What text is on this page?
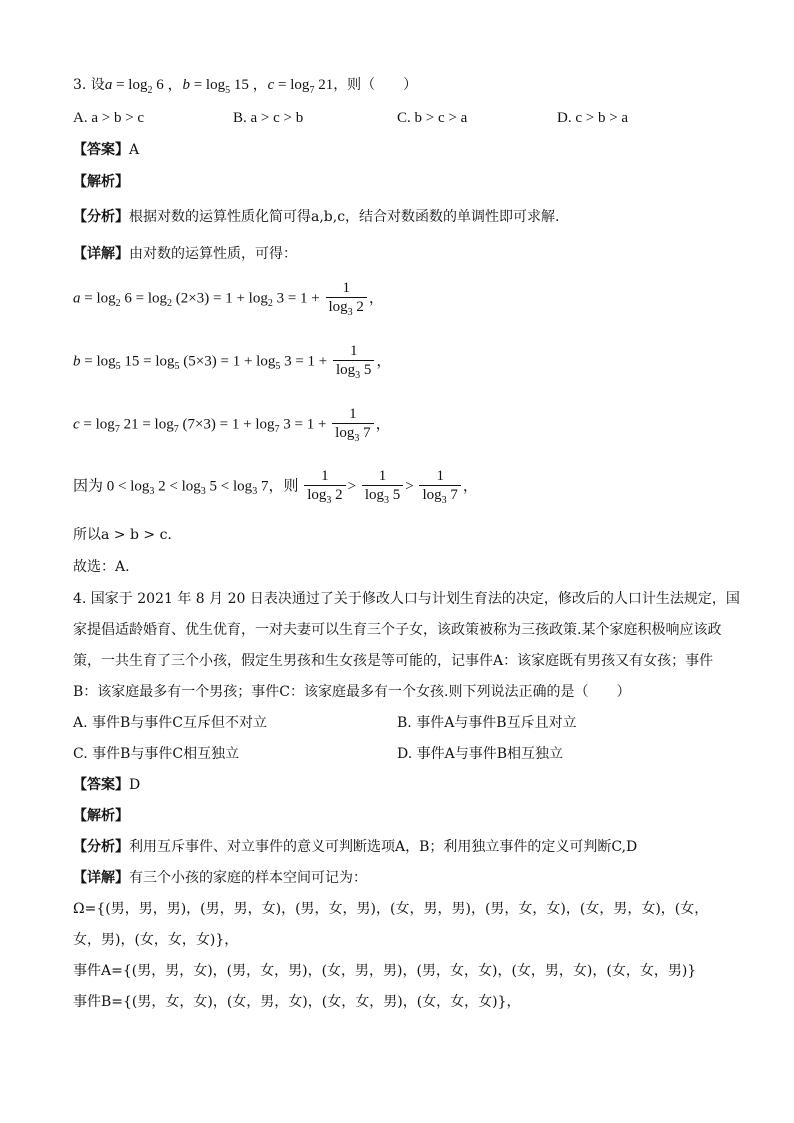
3. 设$a = \log_2 6$ ，$b = \log_5 15$ ，$c = \log_7 21$，则（　　）
A. a > b > c	B. a > c > b	C. b > c > a	D. c > b > a
【答案】A
【解析】
【分析】根据对数的运算性质化简可得a,b,c，结合对数函数的单调性即可求解.
【详解】由对数的运算性质，可得：
$a = \log_2 6 = \log_2 (2\times 3) = 1 + \log_2 3 = 1 + \frac{1}{\log_3 2}$ ，
$b = \log_5 15 = \log_5 (5\times 3) = 1 + \log_5 3 = 1 + \frac{1}{\log_3 5}$ ，
$c = \log_7 21 = \log_7 (7\times 3) = 1 + \log_7 3 = 1 + \frac{1}{\log_3 7}$ ，
因为 $0 < \log_3 2 < \log_3 5 < \log_3 7$，则 $\frac{1}{\log_3 2} > \frac{1}{\log_3 5} > \frac{1}{\log_3 7}$ ，
所以a > b > c.
故选：A.
4. 国家于 2021 年 8 月 20 日表决通过了关于修改人口与计划生育法的决定，修改后的人口计生法规定，国
家提倡适龄婚育、优生优育，一对夫妻可以生育三个子女，该政策被称为三孩政策.某个家庭积极响应该政
策，一共生育了三个小孩，假定生男孩和生女孩是等可能的，记事件A：该家庭既有男孩又有女孩；事件
B：该家庭最多有一个男孩；事件C：该家庭最多有一个女孩.则下列说法正确的是（　　）
A. 事件B与事件C互斥但不对立	B. 事件A与事件B互斥且对立
C. 事件B与事件C相互独立	D. 事件A与事件B相互独立
【答案】D
【解析】
【分析】利用互斥事件、对立事件的意义可判断选项A，B；利用独立事件的定义可判断C,D
【详解】有三个小孩的家庭的样本空间可记为：
Ω={(男，男，男)，(男，男，女)，(男，女，男)，(女，男，男)，(男，女，女)，(女，男，女)，(女，
女，男)，(女，女，女)}，
事件A={(男，男，女)，(男，女，男)，(女，男，男)，(男，女，女)，(女，男，女)，(女，女，男)}
事件B={(男，女，女)，(女，男，女)，(女，女，男)，(女，女，女)}，
